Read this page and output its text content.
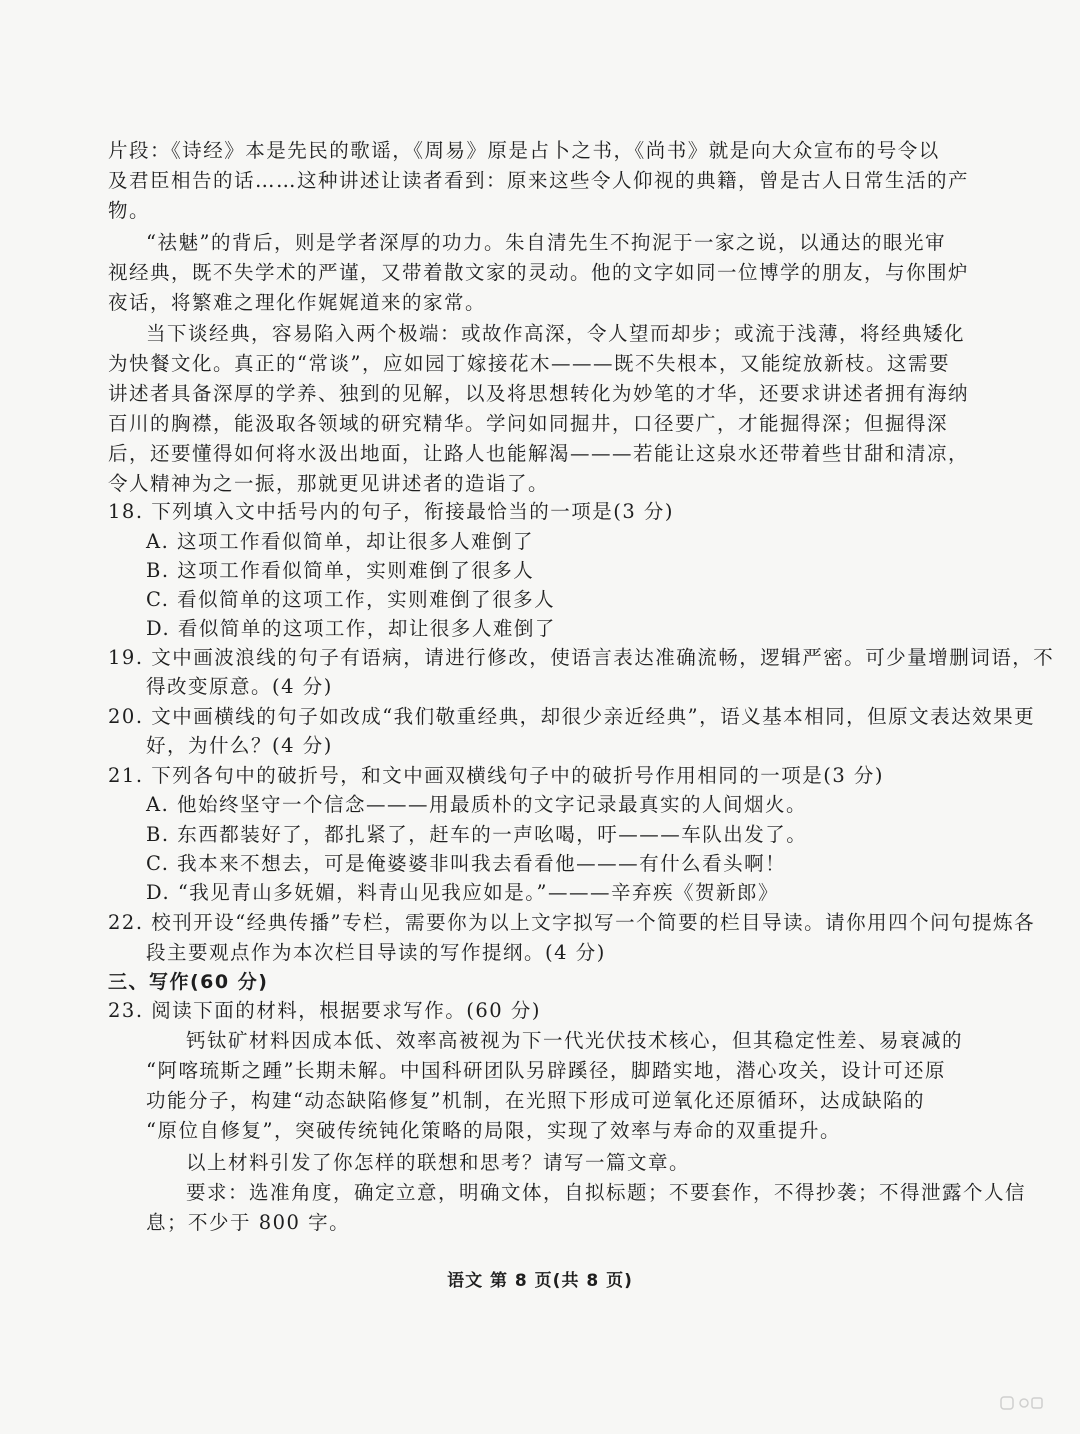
片段：《诗经》本是先民的歌谣，《周易》原是占卜之书，《尚书》就是向大众宣布的号令以
及君臣相告的话……这种讲述让读者看到：原来这些令人仰视的典籍，曾是古人日常生活的产
物。
“祛魅”的背后，则是学者深厚的功力。朱自清先生不拘泥于一家之说，以通达的眼光审
视经典，既不失学术的严谨，又带着散文家的灵动。他的文字如同一位博学的朋友，与你围炉
夜话，将繁难之理化作娓娓道来的家常。
当下谈经典，容易陷入两个极端：或故作高深，令人望而却步；或流于浅薄，将经典矮化
为快餐文化。真正的“常谈”，应如园丁嫁接花木———既不失根本，又能绽放新枝。这需要
讲述者具备深厚的学养、独到的见解，以及将思想转化为妙笔的才华，还要求讲述者拥有海纳
百川的胸襟，能汲取各领域的研究精华。学问如同掘井，口径要广，才能掘得深；但掘得深
后，还要懂得如何将水汲出地面，让路人也能解渴———若能让这泉水还带着些甘甜和清凉，
令人精神为之一振，那就更见讲述者的造诣了。
18. 下列填入文中括号内的句子，衔接最恰当的一项是(3 分)
A. 这项工作看似简单，却让很多人难倒了
B. 这项工作看似简单，实则难倒了很多人
C. 看似简单的这项工作，实则难倒了很多人
D. 看似简单的这项工作，却让很多人难倒了
19. 文中画波浪线的句子有语病，请进行修改，使语言表达准确流畅，逻辑严密。可少量增删词语，不
得改变原意。(4 分)
20. 文中画横线的句子如改成“我们敬重经典，却很少亲近经典”，语义基本相同，但原文表达效果更
好，为什么？(4 分)
21. 下列各句中的破折号，和文中画双横线句子中的破折号作用相同的一项是(3 分)
A. 他始终坚守一个信念———用最质朴的文字记录最真实的人间烟火。
B. 东西都装好了，都扎紧了，赶车的一声吆喝，吁———车队出发了。
C. 我本来不想去，可是俺婆婆非叫我去看看他———有什么看头啊！
D. “我见青山多妩媚，料青山见我应如是。”———辛弃疾《贺新郎》
22. 校刊开设“经典传播”专栏，需要你为以上文字拟写一个简要的栏目导读。请你用四个问句提炼各
段主要观点作为本次栏目导读的写作提纲。(4 分)
三、写作(60 分)
23. 阅读下面的材料，根据要求写作。(60 分)
钙钛矿材料因成本低、效率高被视为下一代光伏技术核心，但其稳定性差、易衰减的
“阿喀琉斯之踵”长期未解。中国科研团队另辟蹊径，脚踏实地，潜心攻关，设计可还原
功能分子，构建“动态缺陷修复”机制，在光照下形成可逆氧化还原循环，达成缺陷的
“原位自修复”，突破传统钝化策略的局限，实现了效率与寿命的双重提升。
以上材料引发了你怎样的联想和思考？请写一篇文章。
要求：选准角度，确定立意，明确文体，自拟标题；不要套作，不得抄袭；不得泄露个人信
息；不少于 800 字。
语文 第 8 页(共 8 页)
